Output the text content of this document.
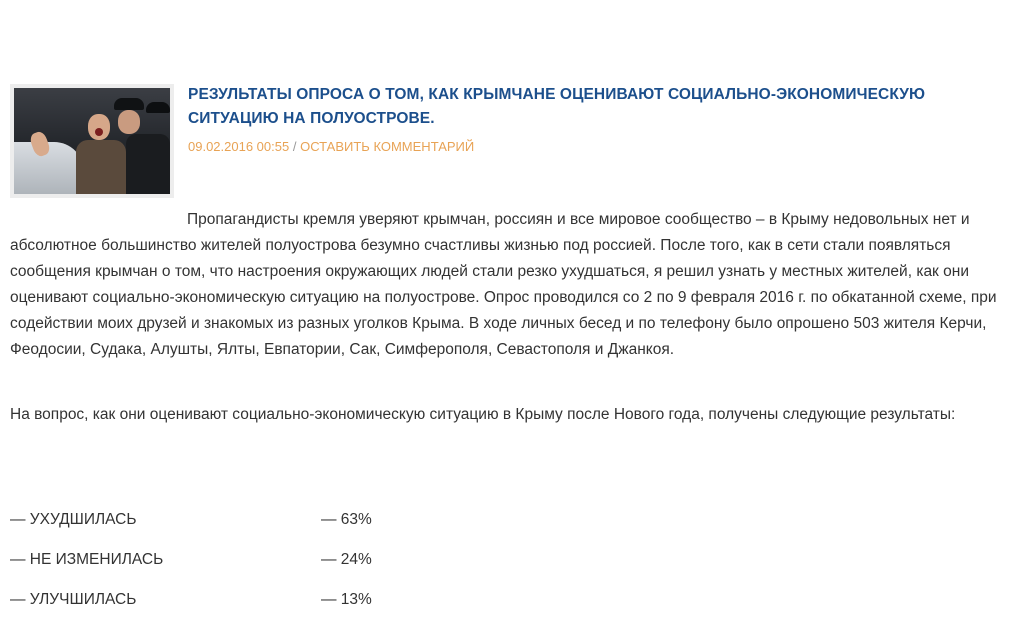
РЕЗУЛЬТАТЫ ОПРОСА О ТОМ, КАК КРЫМЧАНЕ ОЦЕНИВАЮТ СОЦИАЛЬНО-ЭКОНОМИЧЕСКУЮ СИТУАЦИЮ НА ПОЛУОСТРОВЕ.
09.02.2016 00:55 / ОСТАВИТЬ КОММЕНТАРИЙ

Пропагандисты кремля уверяют крымчан, россиян и все мировое сообщество – в Крыму недовольных нет и абсолютное большинство жителей полуострова безумно счастливы жизнью под россией. После того, как в сети стали появляться сообщения крымчан о том, что настроения окружающих людей стали резко ухудшаться, я решил узнать у местных жителей, как они оценивают социально-экономическую ситуацию на полуострове. Опрос проводился со 2 по 9 февраля 2016 г. по обкатанной схеме, при содействии моих друзей и знакомых из разных уголков Крыма. В ходе личных бесед и по телефону было опрошено 503 жителя Керчи, Феодосии, Судака, Алушты, Ялты, Евпатории, Сак, Симферополя, Севастополя и Джанкоя.

На вопрос, как они оценивают социально-экономическую ситуацию в Крыму после Нового года, получены следующие результаты:

— УХУДШИЛАСЬ	— 63%
— НЕ ИЗМЕНИЛАСЬ	— 24%
— УЛУЧШИЛАСЬ	— 13%
